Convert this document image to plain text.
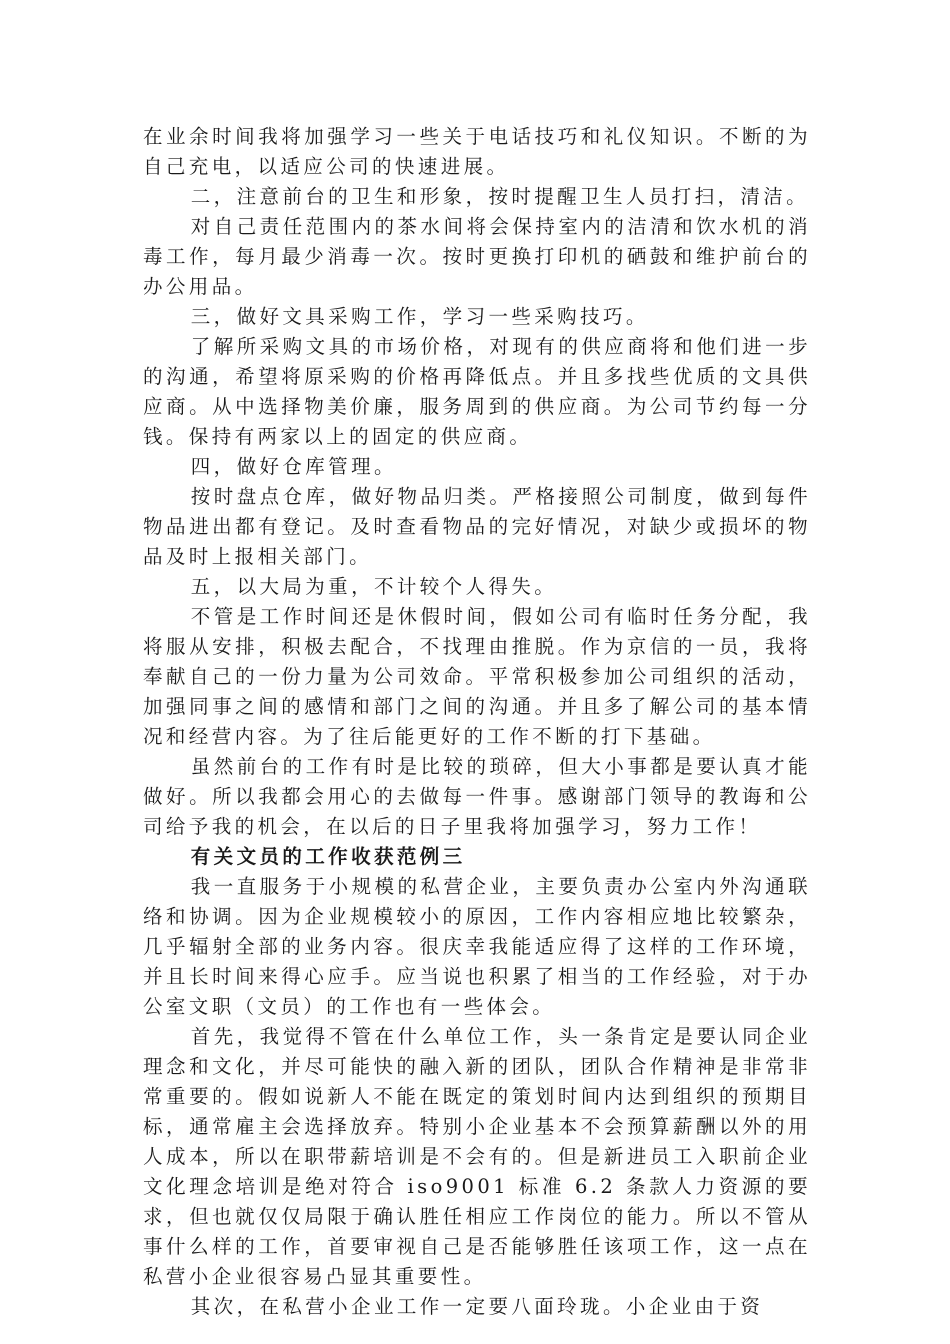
在业余时间我将加强学习一些关于电话技巧和礼仪知识。不断的为自己充电，以适应公司的快速进展。

二，注意前台的卫生和形象，按时提醒卫生人员打扫，清洁。

对自己责任范围内的茶水间将会保持室内的洁清和饮水机的消毒工作，每月最少消毒一次。按时更换打印机的硒鼓和维护前台的办公用品。

三，做好文具采购工作，学习一些采购技巧。

了解所采购文具的市场价格，对现有的供应商将和他们进一步的沟通，希望将原采购的价格再降低点。并且多找些优质的文具供应商。从中选择物美价廉，服务周到的供应商。为公司节约每一分钱。保持有两家以上的固定的供应商。

四，做好仓库管理。

按时盘点仓库，做好物品归类。严格接照公司制度，做到每件物品进出都有登记。及时查看物品的完好情况，对缺少或损坏的物品及时上报相关部门。

五，以大局为重，不计较个人得失。

不管是工作时间还是休假时间，假如公司有临时任务分配，我将服从安排，积极去配合，不找理由推脱。作为京信的一员，我将奉献自己的一份力量为公司效命。平常积极参加公司组织的活动，加强同事之间的感情和部门之间的沟通。并且多了解公司的基本情况和经营内容。为了往后能更好的工作不断的打下基础。

虽然前台的工作有时是比较的琐碎，但大小事都是要认真才能做好。所以我都会用心的去做每一件事。感谢部门领导的教诲和公司给予我的机会，在以后的日子里我将加强学习，努力工作！

有关文员的工作收获范例三

我一直服务于小规模的私营企业，主要负责办公室内外沟通联络和协调。因为企业规模较小的原因，工作内容相应地比较繁杂，几乎辐射全部的业务内容。很庆幸我能适应得了这样的工作环境，并且长时间来得心应手。应当说也积累了相当的工作经验，对于办公室文职（文员）的工作也有一些体会。

首先，我觉得不管在什么单位工作，头一条肯定是要认同企业理念和文化，并尽可能快的融入新的团队，团队合作精神是非常非常重要的。假如说新人不能在既定的策划时间内达到组织的预期目标，通常雇主会选择放弃。特别小企业基本不会预算薪酬以外的用人成本，所以在职带薪培训是不会有的。但是新进员工入职前企业文化理念培训是绝对符合 iso9001 标准 6.2 条款人力资源的要求，但也就仅仅局限于确认胜任相应工作岗位的能力。所以不管从事什么样的工作，首要审视自己是否能够胜任该项工作，这一点在私营小企业很容易凸显其重要性。

其次，在私营小企业工作一定要八面玲珑。小企业由于资
